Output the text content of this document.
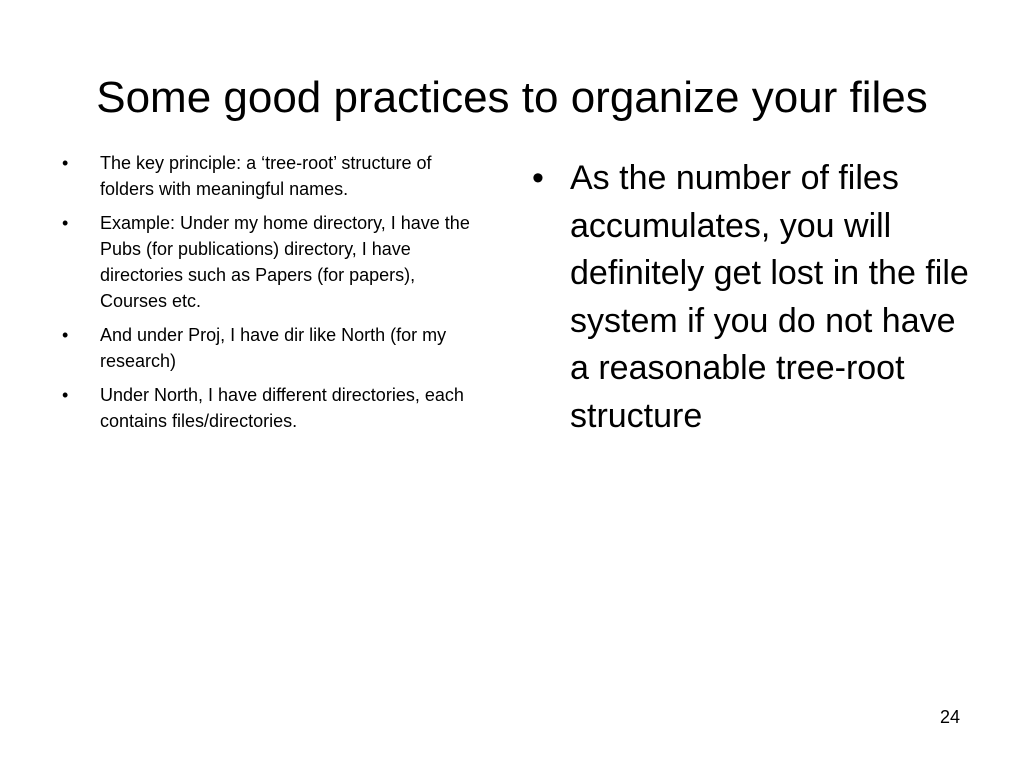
Some good practices to organize your files
• The key principle: a ‘tree-root’ structure of folders with meaningful names.
• Example: Under my home directory, I have the Pubs (for publications) directory, I have directories such as Papers (for papers), Courses etc.
• And under Proj, I have dir like North (for my research)
• Under North, I have different directories, each contains files/directories.
• As the number of files accumulates, you will definitely get lost in the file system if you do not have a reasonable tree-root structure
24
